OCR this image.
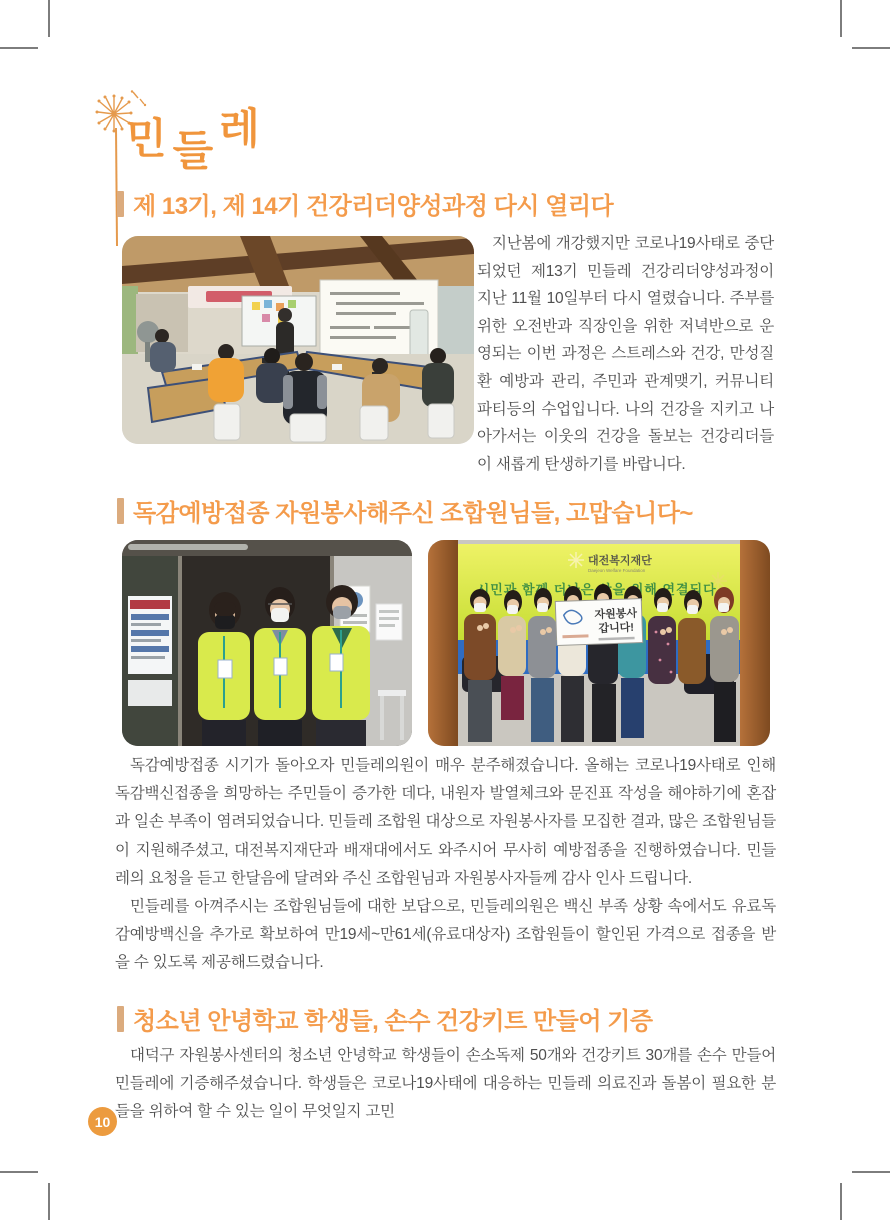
민 들 레
제 13기, 제 14기 건강리더양성과정 다시 열리다

지난봄에 개강했지만 코로나19사태로 중단되었던 제13기 민들레 건강리더양성과정이 지난 11월 10일부터 다시 열렸습니다. 주부를 위한 오전반과 직장인을 위한 저녁반으로 운영되는 이번 과정은 스트레스와 건강, 만성질환 예방과 관리, 주민과 관계맺기, 커뮤니티 파티등의 수업입니다. 나의 건강을 지키고 나아가서는 이웃의 건강을 돌보는 건강리더들이 새롭게 탄생하기를 바랍니다.

독감예방접종 자원봉사해주신 조합원님들, 고맙습니다~
대전복지재단
Daejeon Welfare Foundation
시민과 함께 삶을 위해 연결되다.
자원봉사
갑니다!

독감예방접종 시기가 돌아오자 민들레의원이 매우 분주해졌습니다. 올해는 코로나19사태로 인해 독감백신접종을 희망하는 주민들이 증가한 데다, 내원자 발열체크와 문진표 작성을 해야하기에 혼잡과 일손 부족이 염려되었습니다. 민들레 조합원 대상으로 자원봉사자를 모집한 결과, 많은 조합원님들이 지원해주셨고, 대전복지재단과 배재대에서도 와주시어 무사히 예방접종을 진행하였습니다. 민들레의 요청을 듣고 한달음에 달려와 주신 조합원님과 자원봉사자들께 감사 인사 드립니다.

민들레를 아껴주시는 조합원님들에 대한 보답으로, 민들레의원은 백신 부족 상황 속에서도 유료독감예방백신을 추가로 확보하여 만19세~만61세(유료대상자) 조합원들이 할인된 가격으로 접종을 받을 수 있도록 제공해드렸습니다.

청소년 안녕학교 학생들, 손수 건강키트 만들어 기증

대덕구 자원봉사센터의 청소년 안녕학교 학생들이 손소독제 50개와 건강키트 30개를 손수 만들어 민들레에 기증해주셨습니다. 학생들은 코로나19사태에 대응하는 민들레 의료진과 돌봄이 필요한 분들을 위하여 할 수 있는 일이 무엇일지 고민

10
